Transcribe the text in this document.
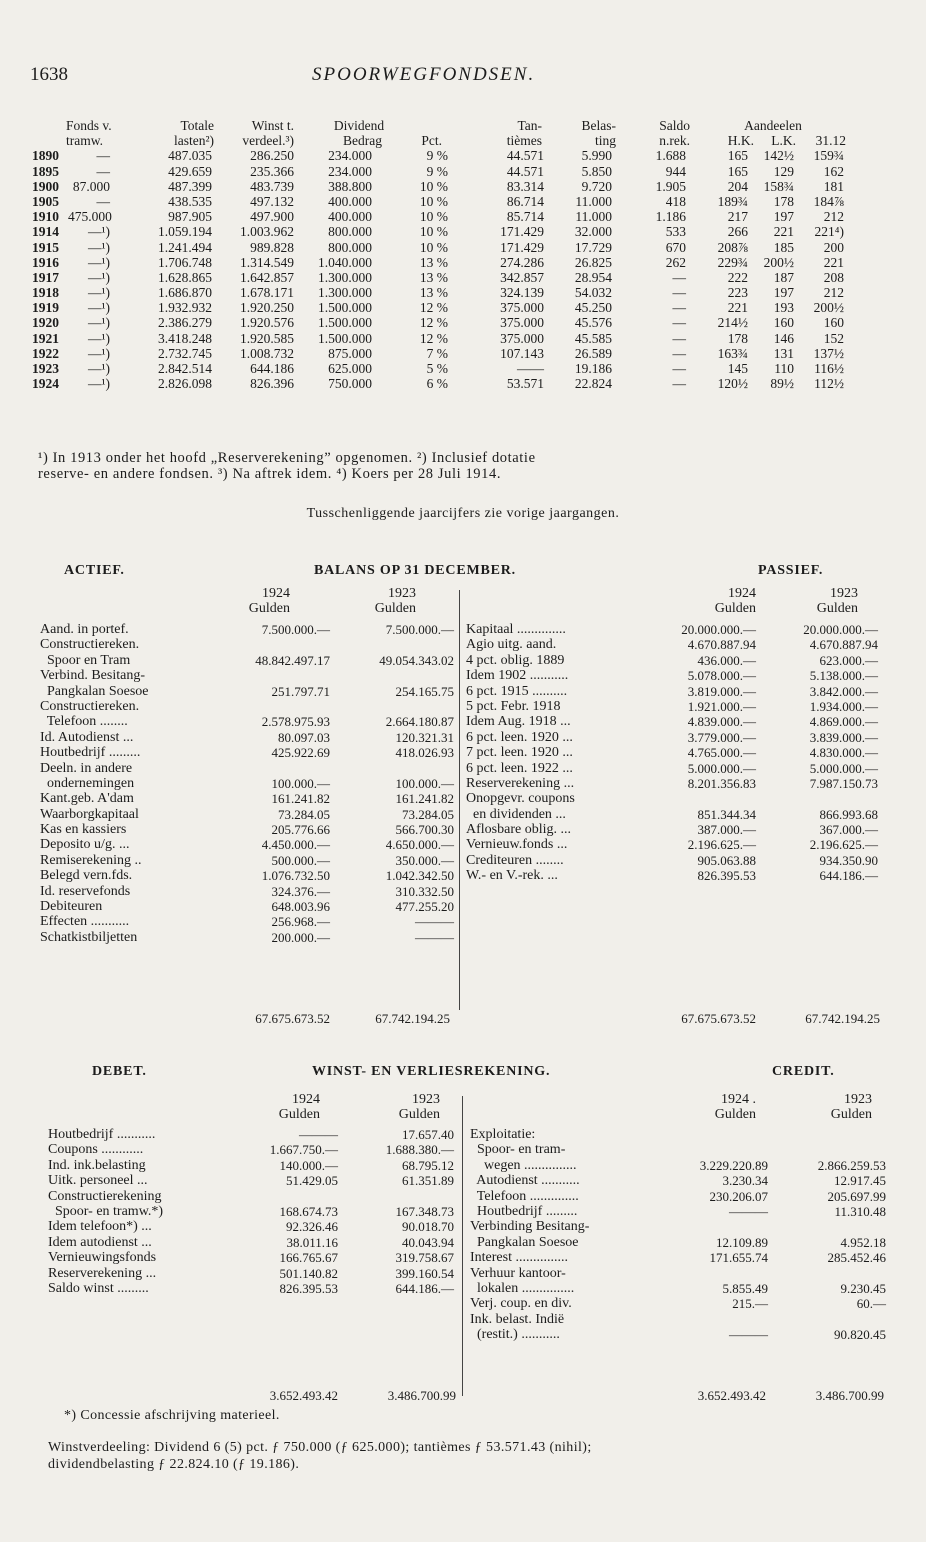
1638	SPOORWEGFONDSEN.
Fonds v.	Totale	Winst t.	Dividend	Tan-	Belas-	Saldo	Aandeelen
tramw.	lasten²)	verdeel.³)	Bedrag	Pct.	tièmes	ting	n.rek.	H.K.	L.K.	31.12
1890	—	487.035	286.250	234.000	9 %	44.571	5.990	1.688	165	142½	159¾
1895	—	429.659	235.366	234.000	9 %	44.571	5.850	944	165	129	162
1900	87.000	487.399	483.739	388.800	10 %	83.314	9.720	1.905	204	158¾	181
1905	—	438.535	497.132	400.000	10 %	86.714	11.000	418	189¾	178	184⅞
1910 475.000	987.905	497.900	400.000	10 %	85.714	11.000	1.186	217	197	212
1914	—¹)	1.059.194	1.003.962	800.000	10 %	171.429	32.000	533	266	221	221⁴)
1915	—¹)	1.241.494	989.828	800.000	10 %	171.429	17.729	670	208⅞	185	200
1916	—¹)	1.706.748	1.314.549	1.040.000	13 %	274.286	26.825	262	229¾	200½	221
1917	—¹)	1.628.865	1.642.857	1.300.000	13 %	342.857	28.954	—	222	187	208
1918	—¹)	1.686.870	1.678.171	1.300.000	13 %	324.139	54.032	—	223	197	212
1919	—¹)	1.932.932	1.920.250	1.500.000	12 %	375.000	45.250	—	221	193	200½
1920	—¹)	2.386.279	1.920.576	1.500.000	12 %	375.000	45.576	—	214½	160	160
1921	—¹)	3.418.248	1.920.585	1.500.000	12 %	375.000	45.585	—	178	146	152
1922	—¹)	2.732.745	1.008.732	875.000	7 %	107.143	26.589	—	163¾	131	137½
1923	—¹)	2.842.514	644.186	625.000	5 %	——	19.186	—	145	110	116½
1924	—¹)	2.826.098	826.396	750.000	6 %	53.571	22.824	—	120½	89½	112½
¹) In 1913 onder het hoofd „Reserverekening” opgenomen. ²) Inclusief dotatie
reserve- en andere fondsen. ³) Na aftrek idem. ⁴) Koers per 28 Juli 1914.
Tusschenliggende jaarcijfers zie vorige jaargangen.
ACTIEF.	BALANS OP 31 DECEMBER.	PASSIEF.
1924
Gulden
1923
Gulden
1924
Gulden
1923
Gulden
Aand. in portef.	7.500.000.—	7.500.000.—
Constructiereken.
Spoor en Tram	48.842.497.17	49.054.343.02
Verbind. Besitang-
Pangkalan Soesoe	251.797.71	254.165.75
Constructiereken.
Telefoon ........	2.578.975.93	2.664.180.87
Id. Autodienst ...	80.097.03	120.321.31
Houtbedrijf .........	425.922.69	418.026.93
Deeln. in andere
ondernemingen	100.000.—	100.000.—
Kant.geb. A'dam	161.241.82	161.241.82
Waarborgkapitaal	73.284.05	73.284.05
Kas en kassiers	205.776.66	566.700.30
Deposito u/g. ...	4.450.000.—	4.650.000.—
Remiserekening ..	500.000.—	350.000.—
Belegd vern.fds.	1.076.732.50	1.042.342.50
Id. reservefonds	324.376.—	310.332.50
Debiteuren	648.003.96	477.255.20
Effecten ...........	256.968.—	———
Schatkistbiljetten	200.000.—	———
Kapitaal ..............	20.000.000.—	20.000.000.—
Agio uitg. aand.	4.670.887.94	4.670.887.94
4 pct. oblig. 1889	436.000.—	623.000.—
Idem 1902 ...........	5.078.000.—	5.138.000.—
6 pct. 1915 ..........	3.819.000.—	3.842.000.—
5 pct. Febr. 1918	1.921.000.—	1.934.000.—
Idem Aug. 1918 ...	4.839.000.—	4.869.000.—
6 pct. leen. 1920 ...	3.779.000.—	3.839.000.—
7 pct. leen. 1920 ...	4.765.000.—	4.830.000.—
6 pct. leen. 1922 ...	5.000.000.—	5.000.000.—
Reserverekening ...	8.201.356.83	7.987.150.73
Onopgevr. coupons
en dividenden ...	851.344.34	866.993.68
Aflosbare oblig. ...	387.000.—	367.000.—
Vernieuw.fonds ...	2.196.625.—	2.196.625.—
Crediteuren ........	905.063.88	934.350.90
W.- en V.-rek. ...	826.395.53	644.186.—
67.675.673.52	67.742.194.25	67.675.673.52	67.742.194.25
DEBET.	WINST- EN VERLIESREKENING.	CREDIT.
1924
Gulden
1923
Gulden
1924 .
Gulden
1923
Gulden
Houtbedrijf ...........	———	17.657.40
Coupons ............	1.667.750.—	1.688.380.—
Ind. ink.belasting	140.000.—	68.795.12
Uitk. personeel ...	51.429.05	61.351.89
Constructierekening
Spoor- en tramw.*)	168.674.73	167.348.73
Idem telefoon*) ...	92.326.46	90.018.70
Idem autodienst ...	38.011.16	40.043.94
Vernieuwingsfonds	166.765.67	319.758.67
Reserverekening ...	501.140.82	399.160.54
Saldo winst .........	826.395.53	644.186.—
Exploitatie:
Spoor- en tram-
wegen ...............	3.229.220.89	2.866.259.53
Autodienst ...........	3.230.34	12.917.45
Telefoon ..............	230.206.07	205.697.99
Houtbedrijf .........	———	11.310.48
Verbinding Besitang-
Pangkalan Soesoe	12.109.89	4.952.18
Interest ...............	171.655.74	285.452.46
Verhuur kantoor-
lokalen ...............	5.855.49	9.230.45
Verj. coup. en div.	215.—	60.—
Ink. belast. Indië
(restit.) ...........	———	90.820.45
3.652.493.42	3.486.700.99	3.652.493.42	3.486.700.99
*) Concessie afschrijving materieel.
Winstverdeeling: Dividend 6 (5) pct. ƒ 750.000 (ƒ 625.000); tantièmes ƒ 53.571.43 (nihil);
dividendbelasting ƒ 22.824.10 (ƒ 19.186).
